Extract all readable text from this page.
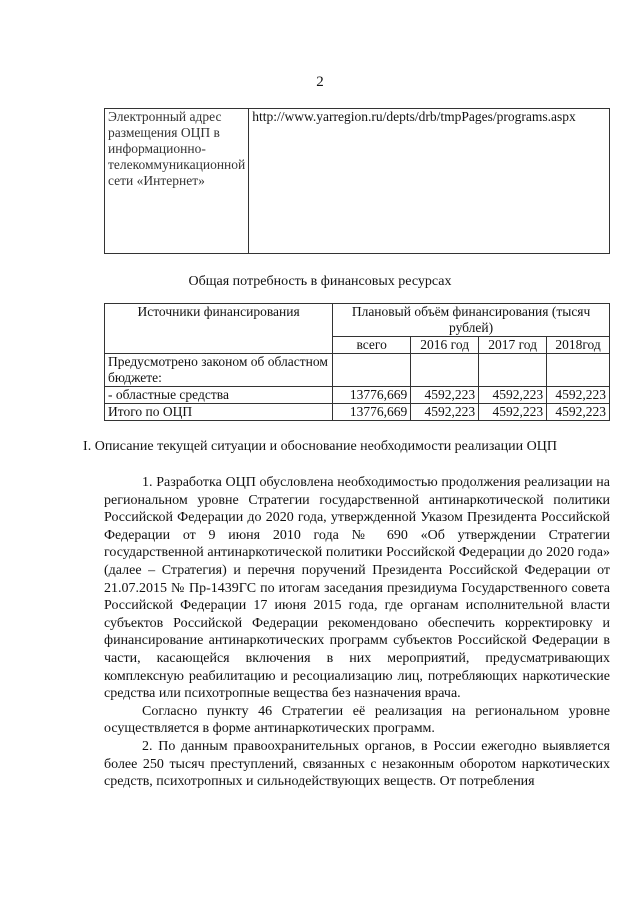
2
Электронный адрес размещения ОЦП в информационно-телекоммуникационной сети «Интернет»	http://www.yarregion.ru/depts/drb/tmpPages/programs.aspx
Общая потребность в финансовых ресурсах
Источники финансирования	Плановый объём финансирования (тысяч рублей)			
	всего	2016 год	2017 год	2018год
Предусмотрено законом об областном бюджете:				
- областные средства	13776,669	4592,223	4592,223	4592,223
Итого по ОЦП	13776,669	4592,223	4592,223	4592,223
I. Описание текущей ситуации и обоснование необходимости реализации ОЦП

1. Разработка ОЦП обусловлена необходимостью продолжения реализации на региональном уровне Стратегии государственной антинаркотической политики Российской Федерации до 2020 года, утвержденной Указом Президента Российской Федерации от 9 июня 2010 года № 690 «Об утверждении Стратегии государственной антинаркотической политики Российской Федерации до 2020 года» (далее – Стратегия) и перечня поручений Президента Российской Федерации от 21.07.2015 № Пр-1439ГС по итогам заседания президиума Государственного совета Российской Федерации 17 июня 2015 года, где органам исполнительной власти субъектов Российской Федерации рекомендовано обеспечить корректировку и финансирование антинаркотических программ субъектов Российской Федерации в части, касающейся включения в них мероприятий, предусматривающих комплексную реабилитацию и ресоциализацию лиц, потребляющих наркотические средства или психотропные вещества без назначения врача.

Согласно пункту 46 Стратегии её реализация на региональном уровне осуществляется в форме антинаркотических программ.

2. По данным правоохранительных органов, в России ежегодно выявляется более 250 тысяч преступлений, связанных с незаконным оборотом наркотических средств, психотропных и сильнодействующих веществ. От потребления
